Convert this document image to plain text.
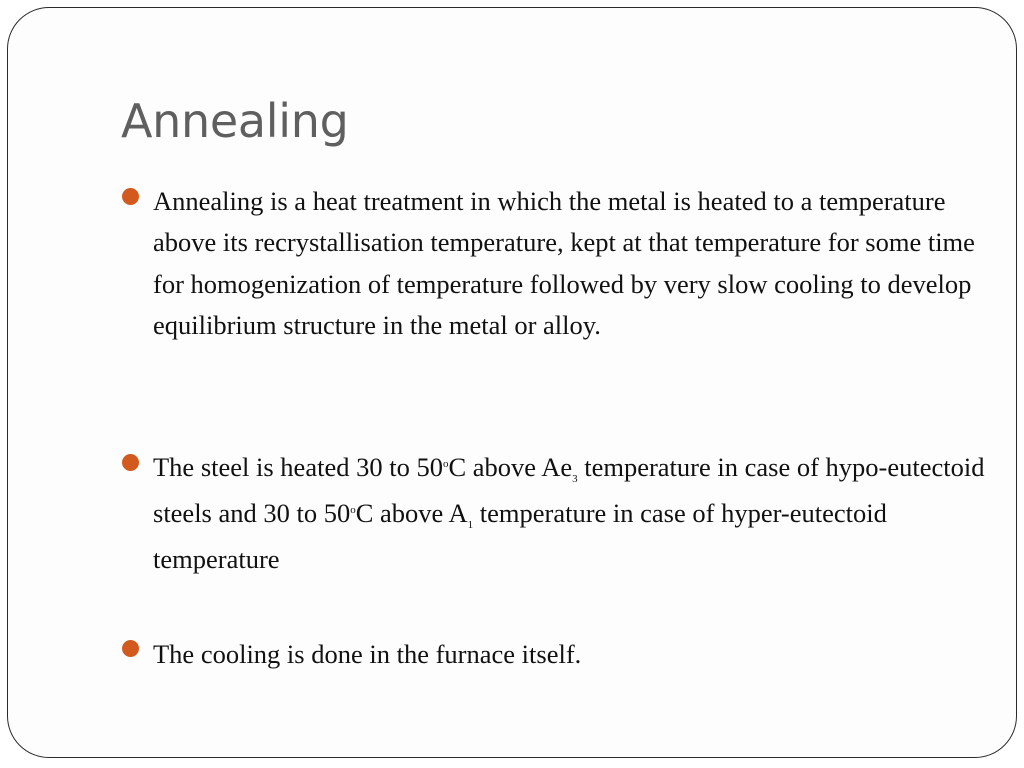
Annealing
Annealing is a heat treatment in which the metal is heated to a temperature above its recrystallisation temperature, kept at that temperature for some time for homogenization of temperature followed by very slow cooling to develop equilibrium structure in the metal or alloy.
The steel is heated 30 to 50$^o$C above $Ae_3$ temperature in case of hypo-eutectoid steels and 30 to 50$^o$C above $A_1$ temperature in case of hyper-eutectoid temperature
The cooling is done in the furnace itself.
